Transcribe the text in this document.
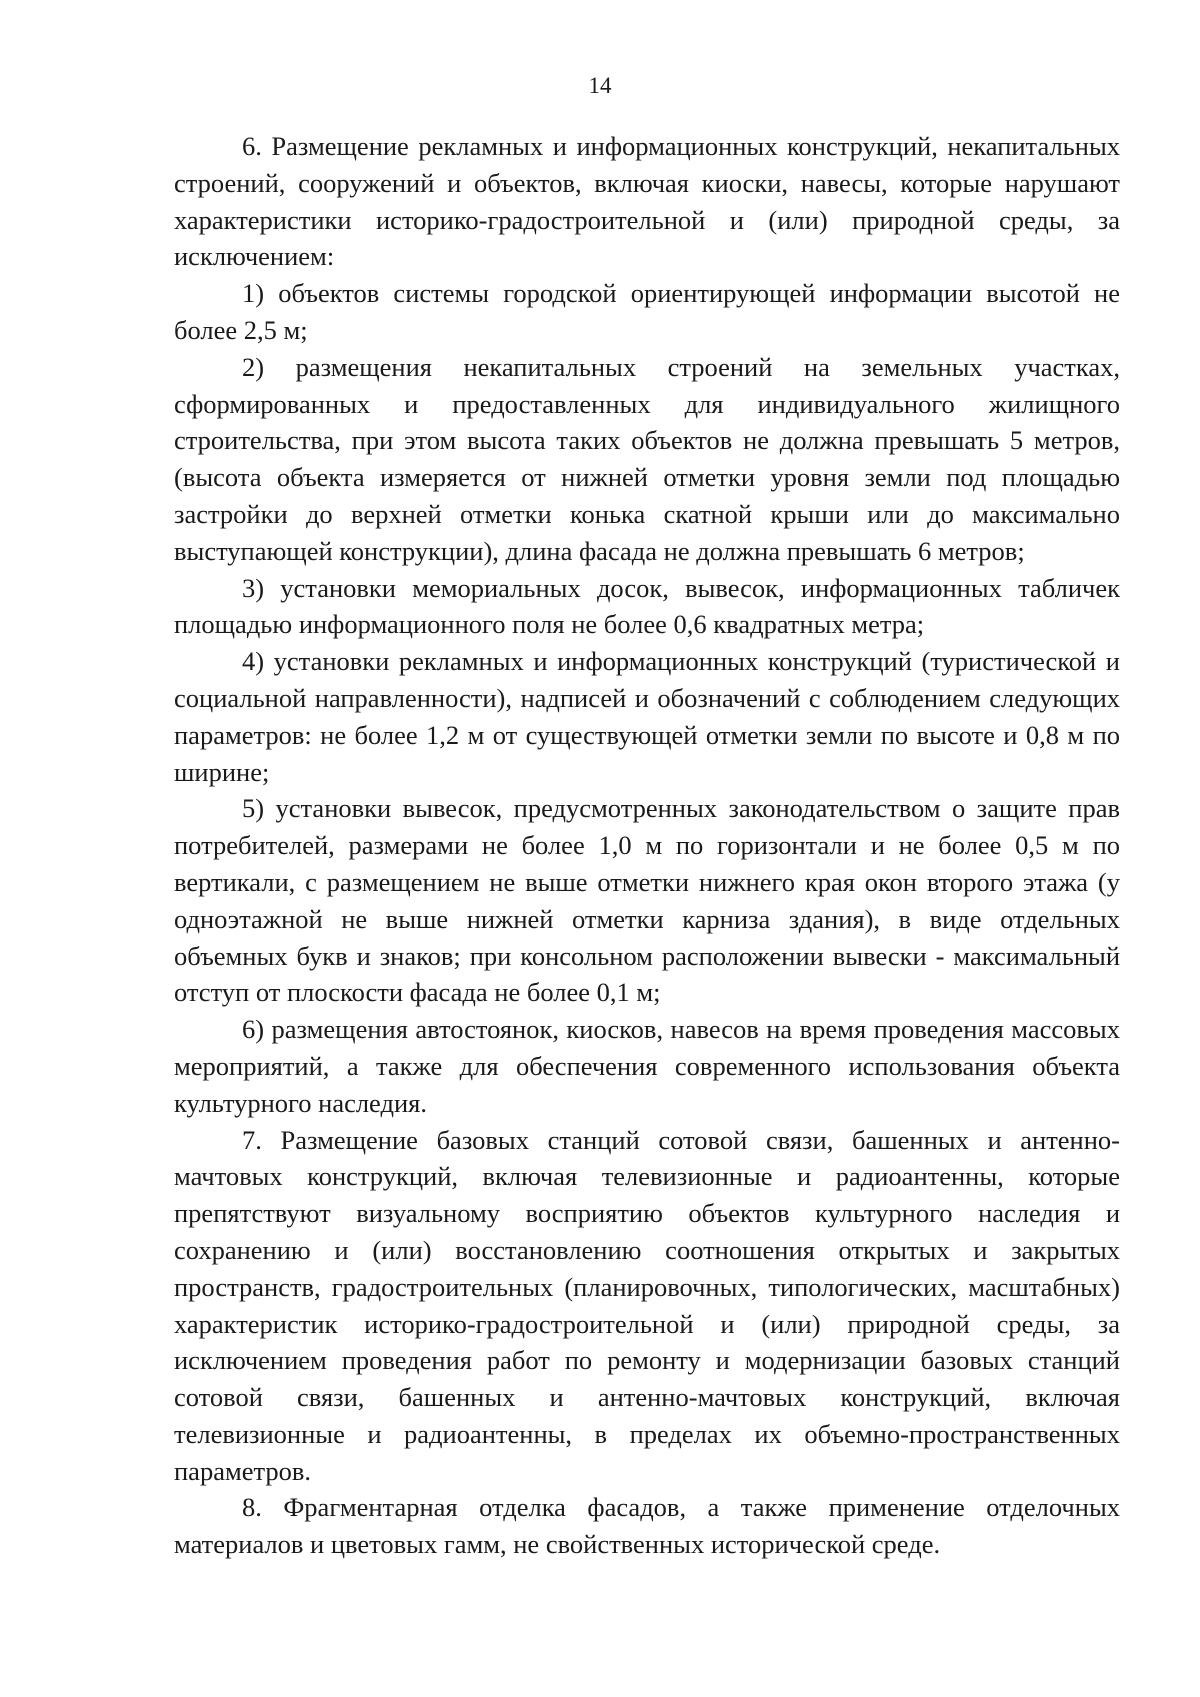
14

6. Размещение рекламных и информационных конструкций, некапитальных строений, сооружений и объектов, включая киоски, навесы, которые нарушают характеристики историко-градостроительной и (или) природной среды, за исключением:

1) объектов системы городской ориентирующей информации высотой не более 2,5 м;

2) размещения некапитальных строений на земельных участках, сформированных и предоставленных для индивидуального жилищного строительства, при этом высота таких объектов не должна превышать 5 метров, (высота объекта измеряется от нижней отметки уровня земли под площадью застройки до верхней отметки конька скатной крыши или до максимально выступающей конструкции), длина фасада не должна превышать 6 метров;

3) установки мемориальных досок, вывесок, информационных табличек площадью информационного поля не более 0,6 квадратных метра;

4) установки рекламных и информационных конструкций (туристической и социальной направленности), надписей и обозначений с соблюдением следующих параметров: не более 1,2 м от существующей отметки земли по высоте и 0,8 м по ширине;

5) установки вывесок, предусмотренных законодательством о защите прав потребителей, размерами не более 1,0 м по горизонтали и не более 0,5 м по вертикали, с размещением не выше отметки нижнего края окон второго этажа (у одноэтажной не выше нижней отметки карниза здания), в виде отдельных объемных букв и знаков; при консольном расположении вывески - максимальный отступ от плоскости фасада не более 0,1 м;

6) размещения автостоянок, киосков, навесов на время проведения массовых мероприятий, а также для обеспечения современного использования объекта культурного наследия.

7. Размещение базовых станций сотовой связи, башенных и антенно-мачтовых конструкций, включая телевизионные и радиоантенны, которые препятствуют визуальному восприятию объектов культурного наследия и сохранению и (или) восстановлению соотношения открытых и закрытых пространств, градостроительных (планировочных, типологических, масштабных) характеристик историко-градостроительной и (или) природной среды, за исключением проведения работ по ремонту и модернизации базовых станций сотовой связи, башенных и антенно-мачтовых конструкций, включая телевизионные и радиоантенны, в пределах их объемно-пространственных параметров.

8. Фрагментарная отделка фасадов, а также применение отделочных материалов и цветовых гамм, не свойственных исторической среде.
